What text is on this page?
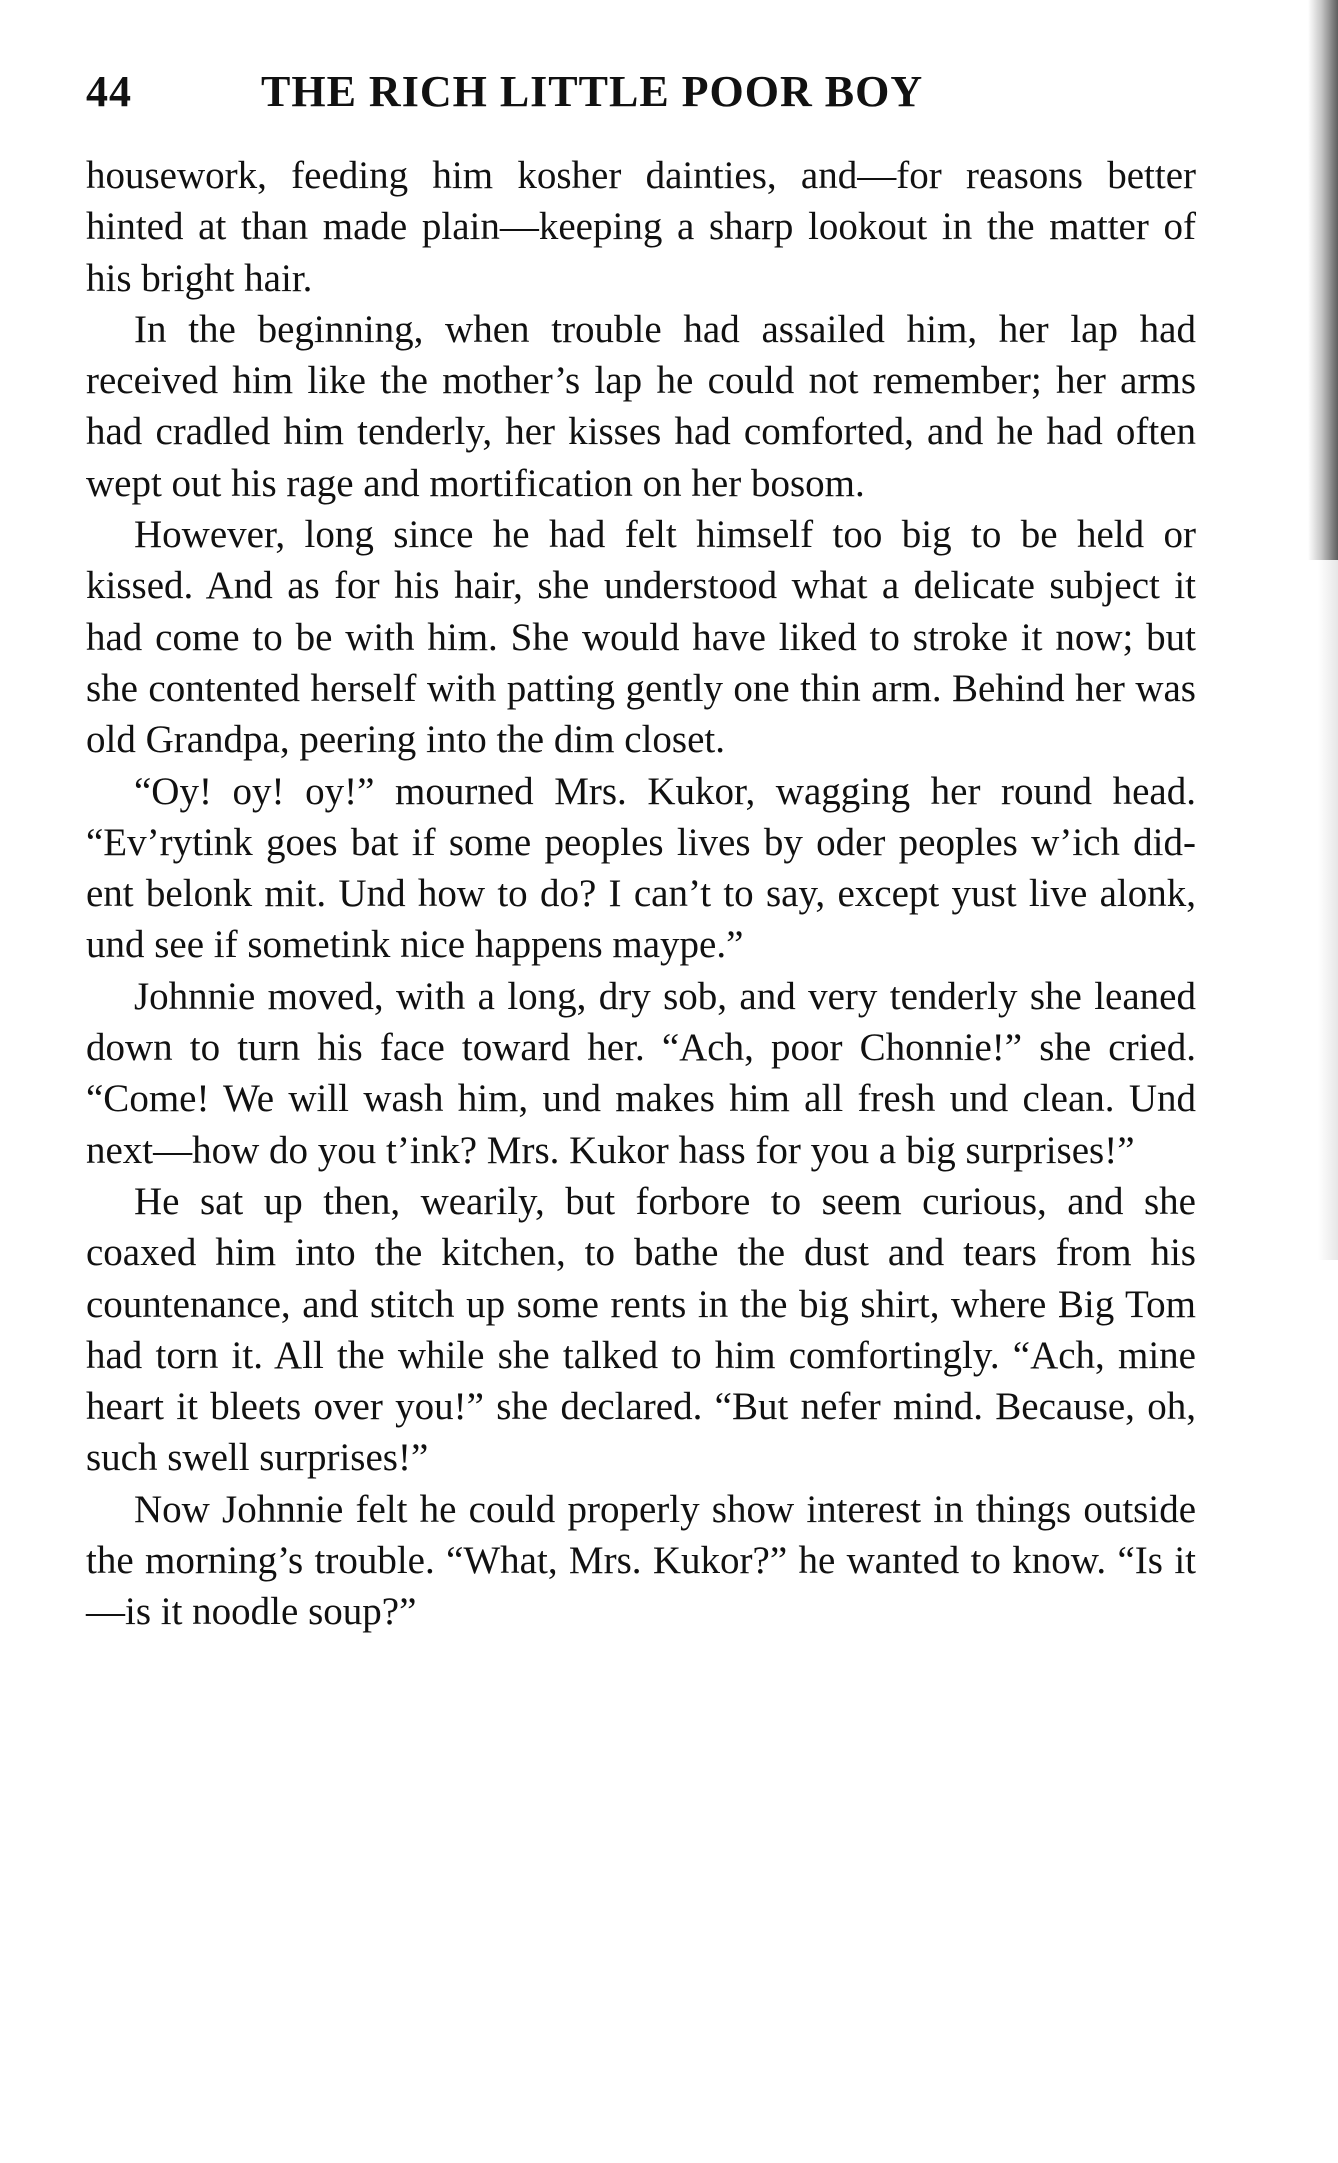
44	THE RICH LITTLE POOR BOY

housework, feeding him kosher dainties, and—for reasons better hinted at than made plain—keeping a sharp lookout in the matter of his bright hair.

In the beginning, when trouble had assailed him, her lap had received him like the mother’s lap he could not remember; her arms had cradled him tenderly, her kisses had comforted, and he had often wept out his rage and mortification on her bosom.

However, long since he had felt himself too big to be held or kissed. And as for his hair, she understood what a delicate subject it had come to be with him. She would have liked to stroke it now; but she contented herself with patting gently one thin arm. Behind her was old Grandpa, peering into the dim closet.

“Oy! oy! oy!” mourned Mrs. Kukor, wagging her round head. “Ev’rytink goes bat if some peoples lives by oder peoples w’ich did-ent belonk mit. Und how to do? I can’t to say, except yust live alonk, und see if sometink nice happens maype.”

Johnnie moved, with a long, dry sob, and very tenderly she leaned down to turn his face toward her. “Ach, poor Chonnie!” she cried. “Come! We will wash him, und makes him all fresh und clean. Und next—how do you t’ink? Mrs. Kukor hass for you a big surprises!”

He sat up then, wearily, but forbore to seem curious, and she coaxed him into the kitchen, to bathe the dust and tears from his countenance, and stitch up some rents in the big shirt, where Big Tom had torn it. All the while she talked to him comfortingly. “Ach, mine heart it bleets over you!” she declared. “But nefer mind. Because, oh, such swell surprises!”

Now Johnnie felt he could properly show interest in things outside the morning’s trouble. “What, Mrs. Kukor?” he wanted to know. “Is it—is it noodle soup?”
